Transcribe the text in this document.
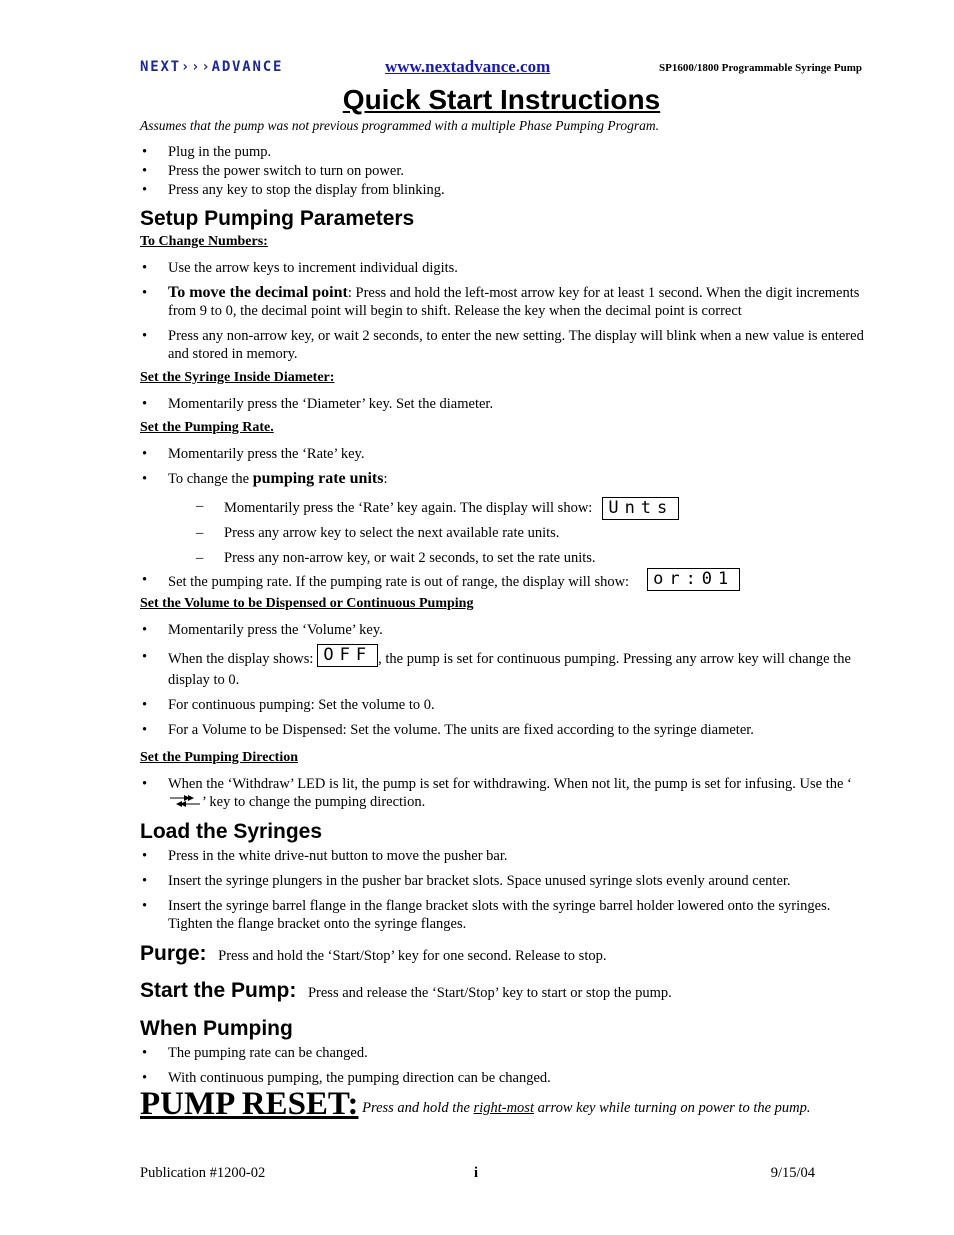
NEXT›››ADVANCE	www.nextadvance.com	SP1600/1800 Programmable Syringe Pump
Quick Start Instructions
Assumes that the pump was not previous programmed with a multiple Phase Pumping Program.
• Plug in the pump.
• Press the power switch to turn on power.
• Press any key to stop the display from blinking.
Setup Pumping Parameters
To Change Numbers:
• Use the arrow keys to increment individual digits.
• To move the decimal point: Press and hold the left-most arrow key for at least 1 second. When the digit increments from 9 to 0, the decimal point will begin to shift. Release the key when the decimal point is correct
• Press any non-arrow key, or wait 2 seconds, to enter the new setting. The display will blink when a new value is entered and stored in memory.
Set the Syringe Inside Diameter:
• Momentarily press the ‘Diameter’ key. Set the diameter.
Set the Pumping Rate.
• Momentarily press the ‘Rate’ key.
• To change the pumping rate units:
– Momentarily press the ‘Rate’ key again. The display will show: Unts
– Press any arrow key to select the next available rate units.
– Press any non-arrow key, or wait 2 seconds, to set the rate units.
• Set the pumping rate. If the pumping rate is out of range, the display will show: or:01
Set the Volume to be Dispensed or Continuous Pumping
• Momentarily press the ‘Volume’ key.
• When the display shows: OFF , the pump is set for continuous pumping. Pressing any arrow key will change the display to 0.
• For continuous pumping: Set the volume to 0.
• For a Volume to be Dispensed: Set the volume. The units are fixed according to the syringe diameter.
Set the Pumping Direction
• When the ‘Withdraw’ LED is lit, the pump is set for withdrawing. When not lit, the pump is set for infusing. Use the ‘’ key to change the pumping direction.
Load the Syringes
• Press in the white drive-nut button to move the pusher bar.
• Insert the syringe plungers in the pusher bar bracket slots. Space unused syringe slots evenly around center.
• Insert the syringe barrel flange in the flange bracket slots with the syringe barrel holder lowered onto the syringes. Tighten the flange bracket onto the syringe flanges.
Purge: Press and hold the ‘Start/Stop’ key for one second. Release to stop.
Start the Pump: Press and release the ‘Start/Stop’ key to start or stop the pump.
When Pumping
• The pumping rate can be changed.
• With continuous pumping, the pumping direction can be changed.
PUMP RESET: Press and hold the right-most arrow key while turning on power to the pump.
Publication #1200-02	i	9/15/04
